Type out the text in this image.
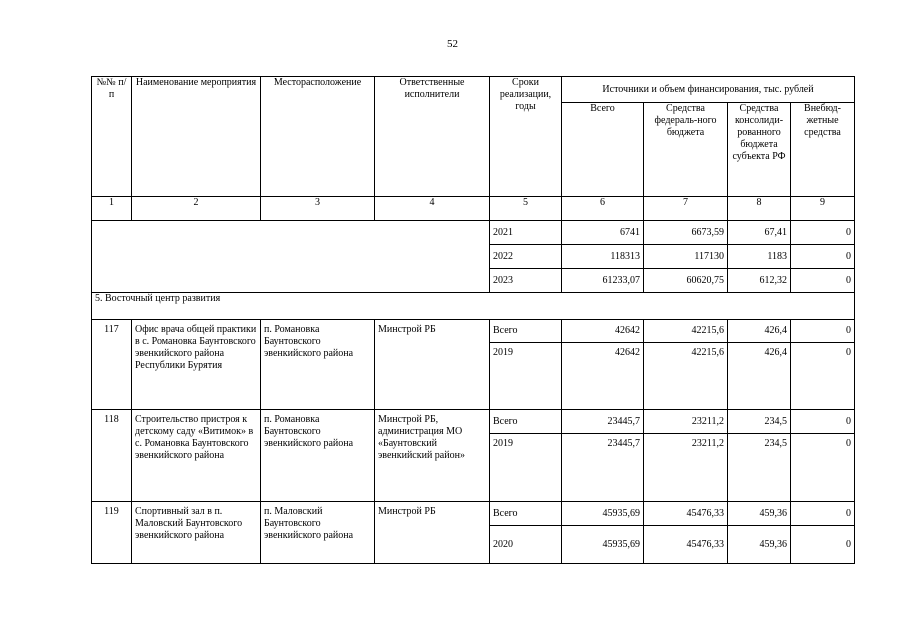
52
№№ п/п	Наименование мероприятия	Месторасположение	Ответственные исполнители	Сроки реализации, годы	Источники и объем финансирования, тыс. рублей			
					Всего	Средства федераль-ного бюджета	Средства консолиди-рованного бюджета субъекта РФ	Внебюд-жетные средства
1	2	3	4	5	6	7	8	9
				2021	6741	6673,59	67,41	0
				2022	118313	117130	1183	0
				2023	61233,07	60620,75	612,32	0
5. Восточный центр развития								
117	Офис врача общей практики в с. Романовка Баунтовского эвенкийского района Республики Бурятия	п. Романовка Баунтовского эвенкийского района	Минстрой РБ	Всего	42642	42215,6	426,4	0
				2019	42642	42215,6	426,4	0
118	Строительство пристроя к детскому саду «Витимок» в с. Романовка Баунтовского эвенкийского района	п. Романовка Баунтовского эвенкийского района	Минстрой РБ, администрация МО «Баунтовский эвенкийский район»	Всего	23445,7	23211,2	234,5	0
				2019	23445,7	23211,2	234,5	0
119	Спортивный зал в п. Маловский Баунтовского эвенкийского района	п. Маловский Баунтовского эвенкийского района	Минстрой РБ	Всего	45935,69	45476,33	459,36	0
				2020	45935,69	45476,33	459,36	0
